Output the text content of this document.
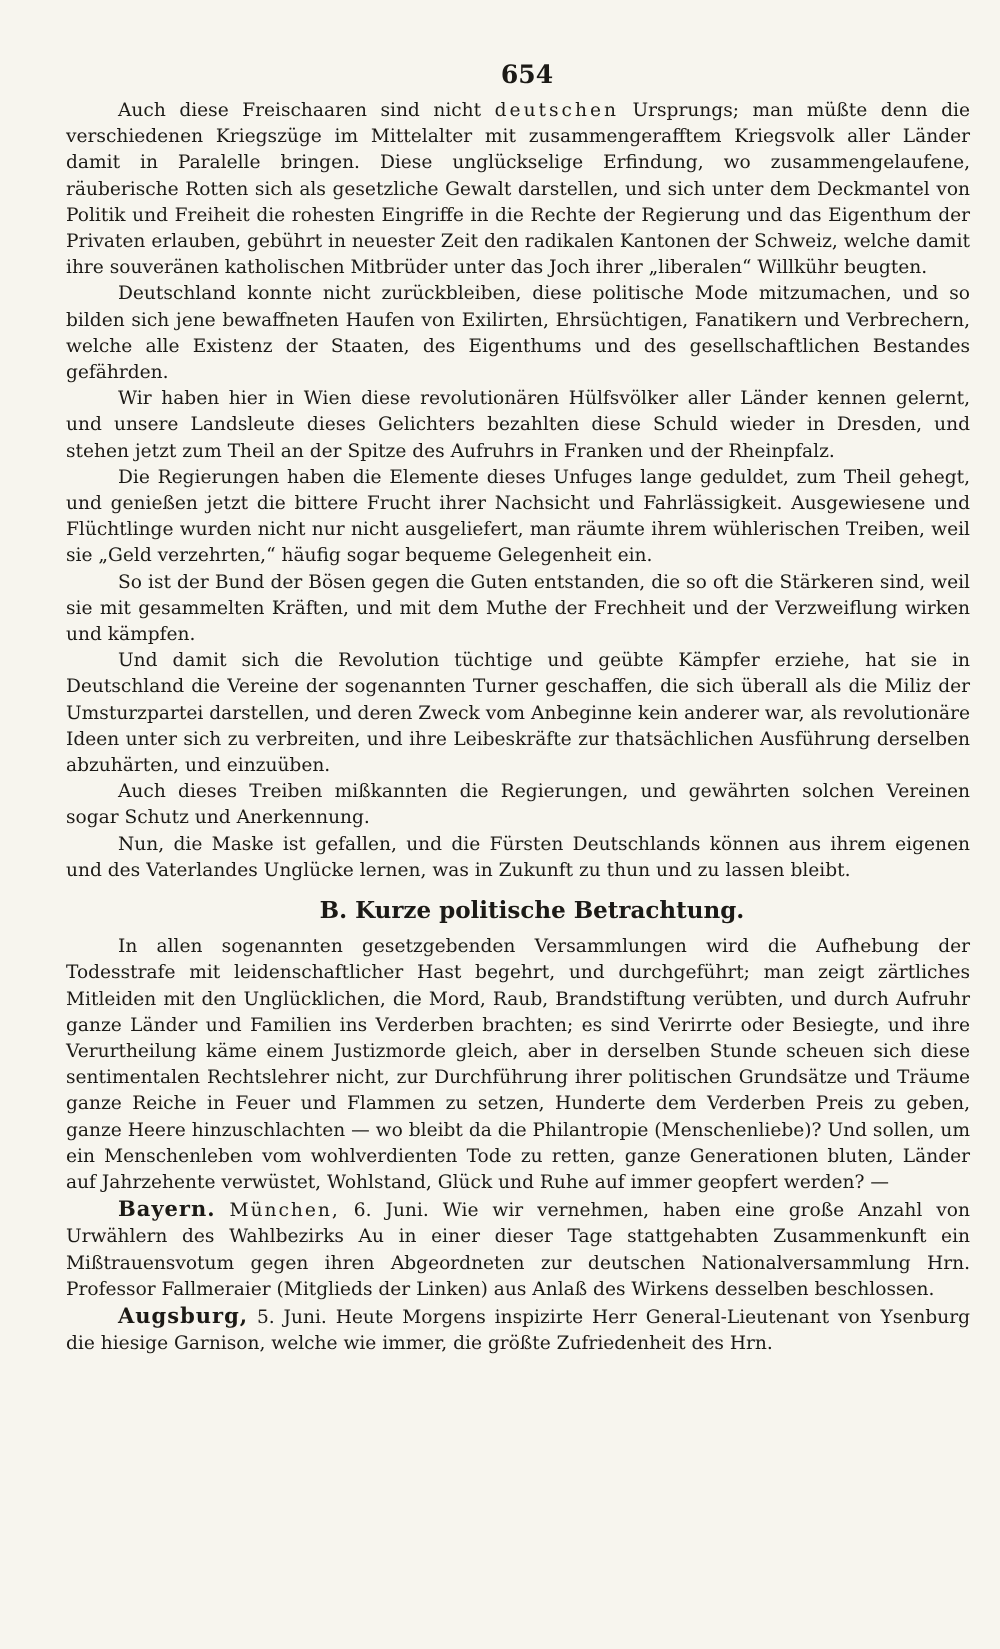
654

Auch diese Freischaaren sind nicht deutschen Ursprungs; man müßte denn die verschiedenen Kriegszüge im Mittelalter mit zusammengerafftem Kriegsvolk aller Länder damit in Paralelle bringen. Diese unglückselige Erfindung, wo zusammengelaufene, räuberische Rotten sich als gesetzliche Gewalt darstellen, und sich unter dem Deckmantel von Politik und Freiheit die rohesten Eingriffe in die Rechte der Regierung und das Eigenthum der Privaten erlauben, gebührt in neuester Zeit den radikalen Kantonen der Schweiz, welche damit ihre souveränen katholischen Mitbrüder unter das Joch ihrer „liberalen“ Willkühr beugten.

Deutschland konnte nicht zurückbleiben, diese politische Mode mitzumachen, und so bilden sich jene bewaffneten Haufen von Exilirten, Ehrsüchtigen, Fanatikern und Verbrechern, welche alle Existenz der Staaten, des Eigenthums und des gesellschaftlichen Bestandes gefährden.

Wir haben hier in Wien diese revolutionären Hülfsvölker aller Länder kennen gelernt, und unsere Landsleute dieses Gelichters bezahlten diese Schuld wieder in Dresden, und stehen jetzt zum Theil an der Spitze des Aufruhrs in Franken und der Rheinpfalz.

Die Regierungen haben die Elemente dieses Unfuges lange geduldet, zum Theil gehegt, und genießen jetzt die bittere Frucht ihrer Nachsicht und Fahrlässigkeit. Ausgewiesene und Flüchtlinge wurden nicht nur nicht ausgeliefert, man räumte ihrem wühlerischen Treiben, weil sie „Geld verzehrten,“ häufig sogar bequeme Gelegenheit ein.

So ist der Bund der Bösen gegen die Guten entstanden, die so oft die Stärkeren sind, weil sie mit gesammelten Kräften, und mit dem Muthe der Frechheit und der Verzweiflung wirken und kämpfen.

Und damit sich die Revolution tüchtige und geübte Kämpfer erziehe, hat sie in Deutschland die Vereine der sogenannten Turner geschaffen, die sich überall als die Miliz der Umsturzpartei darstellen, und deren Zweck vom Anbeginne kein anderer war, als revolutionäre Ideen unter sich zu verbreiten, und ihre Leibeskräfte zur thatsächlichen Ausführung derselben abzuhärten, und einzuüben.

Auch dieses Treiben mißkannten die Regierungen, und gewährten solchen Vereinen sogar Schutz und Anerkennung.

Nun, die Maske ist gefallen, und die Fürsten Deutschlands können aus ihrem eigenen und des Vaterlandes Unglücke lernen, was in Zukunft zu thun und zu lassen bleibt.

B. Kurze politische Betrachtung.

In allen sogenannten gesetzgebenden Versammlungen wird die Aufhebung der Todesstrafe mit leidenschaftlicher Hast begehrt, und durchgeführt; man zeigt zärtliches Mitleiden mit den Unglücklichen, die Mord, Raub, Brandstiftung verübten, und durch Aufruhr ganze Länder und Familien ins Verderben brachten; es sind Verirrte oder Besiegte, und ihre Verurtheilung käme einem Justizmorde gleich, aber in derselben Stunde scheuen sich diese sentimentalen Rechtslehrer nicht, zur Durchführung ihrer politischen Grundsätze und Träume ganze Reiche in Feuer und Flammen zu setzen, Hunderte dem Verderben Preis zu geben, ganze Heere hinzuschlachten — wo bleibt da die Philantropie (Menschenliebe)? Und sollen, um ein Menschenleben vom wohlverdienten Tode zu retten, ganze Generationen bluten, Länder auf Jahrzehente verwüstet, Wohlstand, Glück und Ruhe auf immer geopfert werden? —

Bayern. München, 6. Juni. Wie wir vernehmen, haben eine große Anzahl von Urwählern des Wahlbezirks Au in einer dieser Tage stattgehabten Zusammenkunft ein Mißtrauensvotum gegen ihren Abgeordneten zur deutschen Nationalversammlung Hrn. Professor Fallmeraier (Mitglieds der Linken) aus Anlaß des Wirkens desselben beschlossen.

Augsburg, 5. Juni. Heute Morgens inspizirte Herr General-Lieutenant von Ysenburg die hiesige Garnison, welche wie immer, die größte Zufriedenheit des Hrn.
